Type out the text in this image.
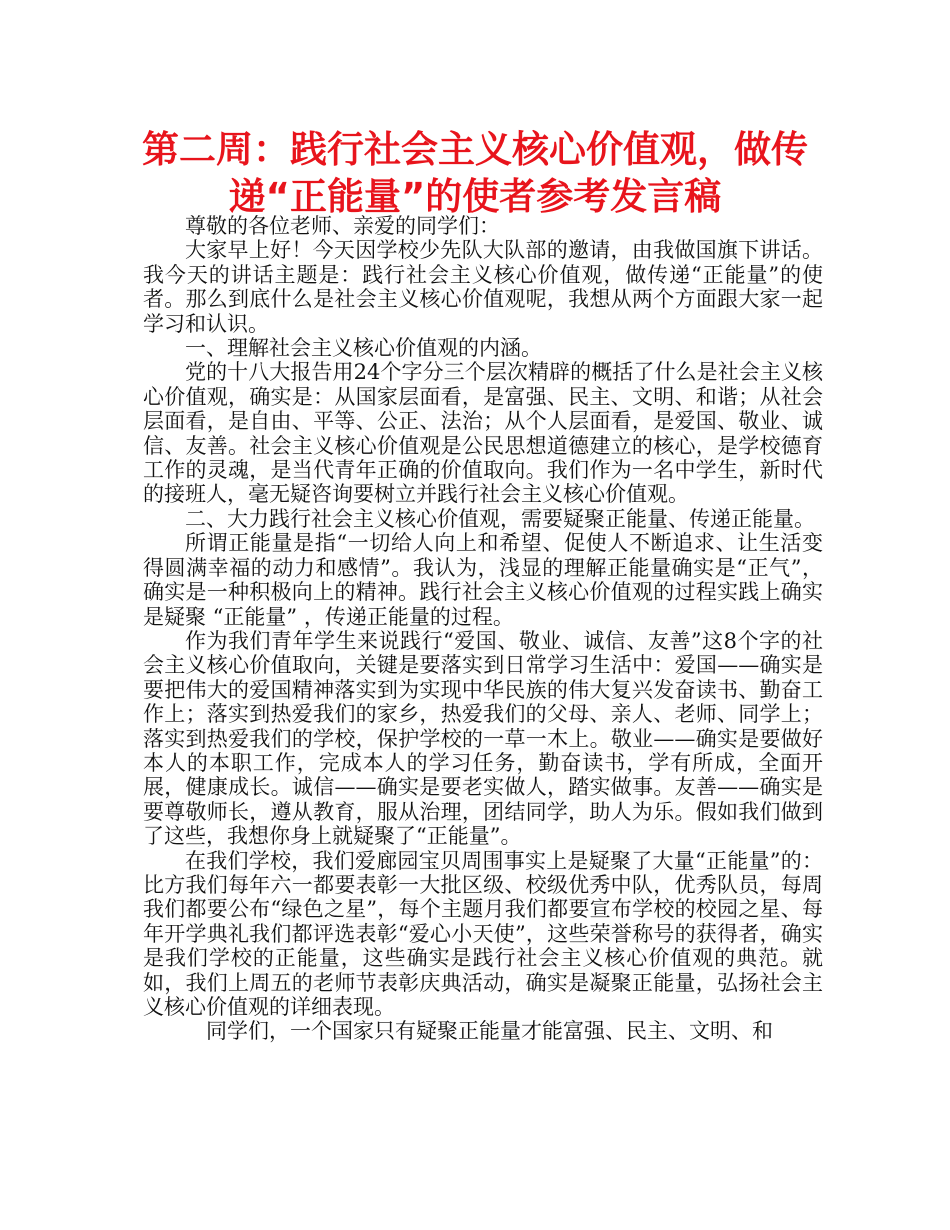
第二周：践行社会主义核心价值观，做传
递“正能量”的使者参考发言稿

尊敬的各位老师、亲爱的同学们：

大家早上好！今天因学校少先队大队部的邀请，由我做国旗下讲话。我今天的讲话主题是：践行社会主义核心价值观，做传递“正能量”的使者。那么到底什么是社会主义核心价值观呢，我想从两个方面跟大家一起学习和认识。

一、理解社会主义核心价值观的内涵。

党的十八大报告用24个字分三个层次精辟的概括了什么是社会主义核心价值观，确实是：从国家层面看，是富强、民主、文明、和谐；从社会层面看，是自由、平等、公正、法治；从个人层面看，是爱国、敬业、诚信、友善。社会主义核心价值观是公民思想道德建立的核心，是学校德育工作的灵魂，是当代青年正确的价值取向。我们作为一名中学生，新时代的接班人，毫无疑咨询要树立并践行社会主义核心价值观。

二、大力践行社会主义核心价值观，需要疑聚正能量、传递正能量。

所谓正能量是指“一切给人向上和希望、促使人不断追求、让生活变得圆满幸福的动力和感情”。我认为，浅显的理解正能量确实是“正气”，确实是一种积极向上的精神。践行社会主义核心价值观的过程实践上确实是疑聚 “正能量” ，传递正能量的过程。

作为我们青年学生来说践行“爱国、敬业、诚信、友善”这8个字的社会主义核心价值取向，关键是要落实到日常学习生活中：爱国——确实是要把伟大的爱国精神落实到为实现中华民族的伟大复兴发奋读书、勤奋工作上；落实到热爱我们的家乡，热爱我们的父母、亲人、老师、同学上；落实到热爱我们的学校，保护学校的一草一木上。敬业——确实是要做好本人的本职工作，完成本人的学习任务，勤奋读书，学有所成，全面开展，健康成长。诚信——确实是要老实做人，踏实做事。友善——确实是要尊敬师长，遵从教育，服从治理，团结同学，助人为乐。假如我们做到了这些，我想你身上就疑聚了“正能量”。

在我们学校，我们爱廊园宝贝周围事实上是疑聚了大量“正能量”的：比方我们每年六一都要表彰一大批区级、校级优秀中队，优秀队员，每周我们都要公布“绿色之星”，每个主题月我们都要宣布学校的校园之星、每年开学典礼我们都评选表彰“爱心小天使”，这些荣誉称号的获得者，确实是我们学校的正能量，这些确实是践行社会主义核心价值观的典范。就如，我们上周五的老师节表彰庆典活动，确实是凝聚正能量，弘扬社会主义核心价值观的详细表现。

同学们，一个国家只有疑聚正能量才能富强、民主、文明、和
